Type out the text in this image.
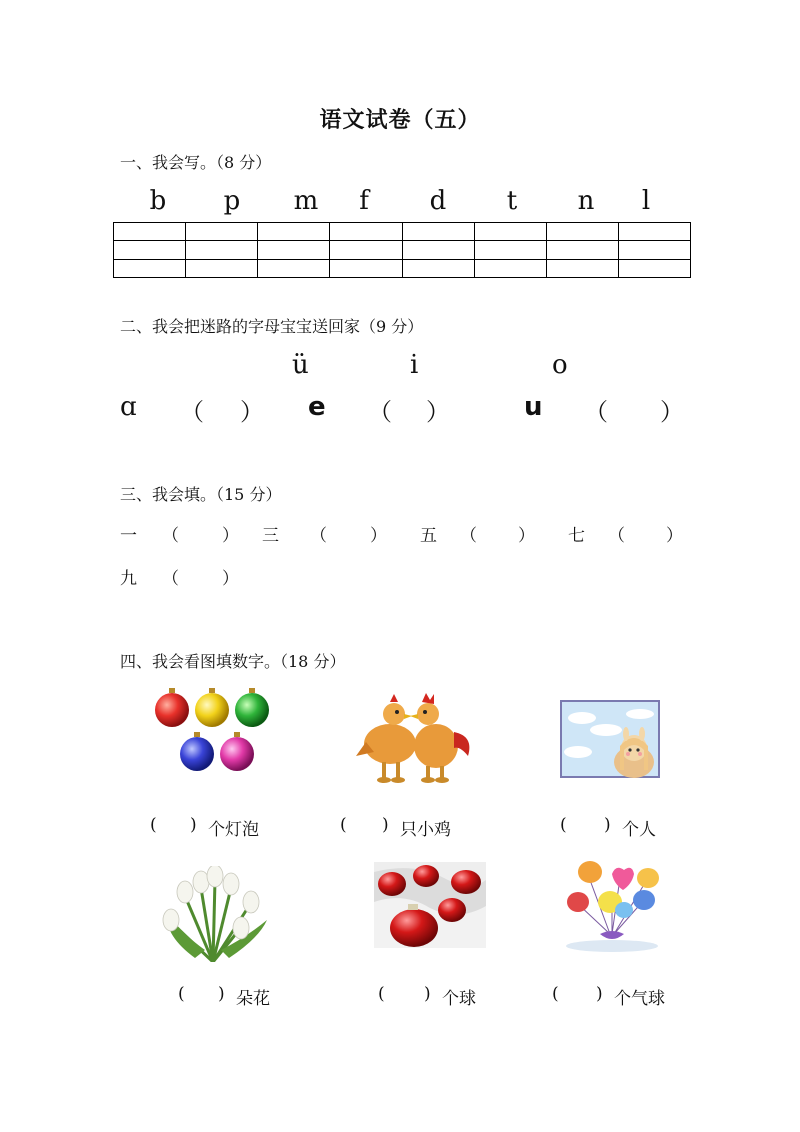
语文试卷（五）
一、我会写。（8 分）
b p m f d t n l

二、我会把迷路的字母宝宝送回家（9 分）
ü	i	o
ɑ （ ） e （ ）	u （ ）
三、我会填。（15 分）
一 （	） 三 （	） 五 （ ） 七 （ ）
九 （	）
四、我会看图填数字。（18 分）
( ) 个灯泡	( ) 只小鸡	( ) 个人
( ) 朵花	( ) 个球	( ) 个气球
